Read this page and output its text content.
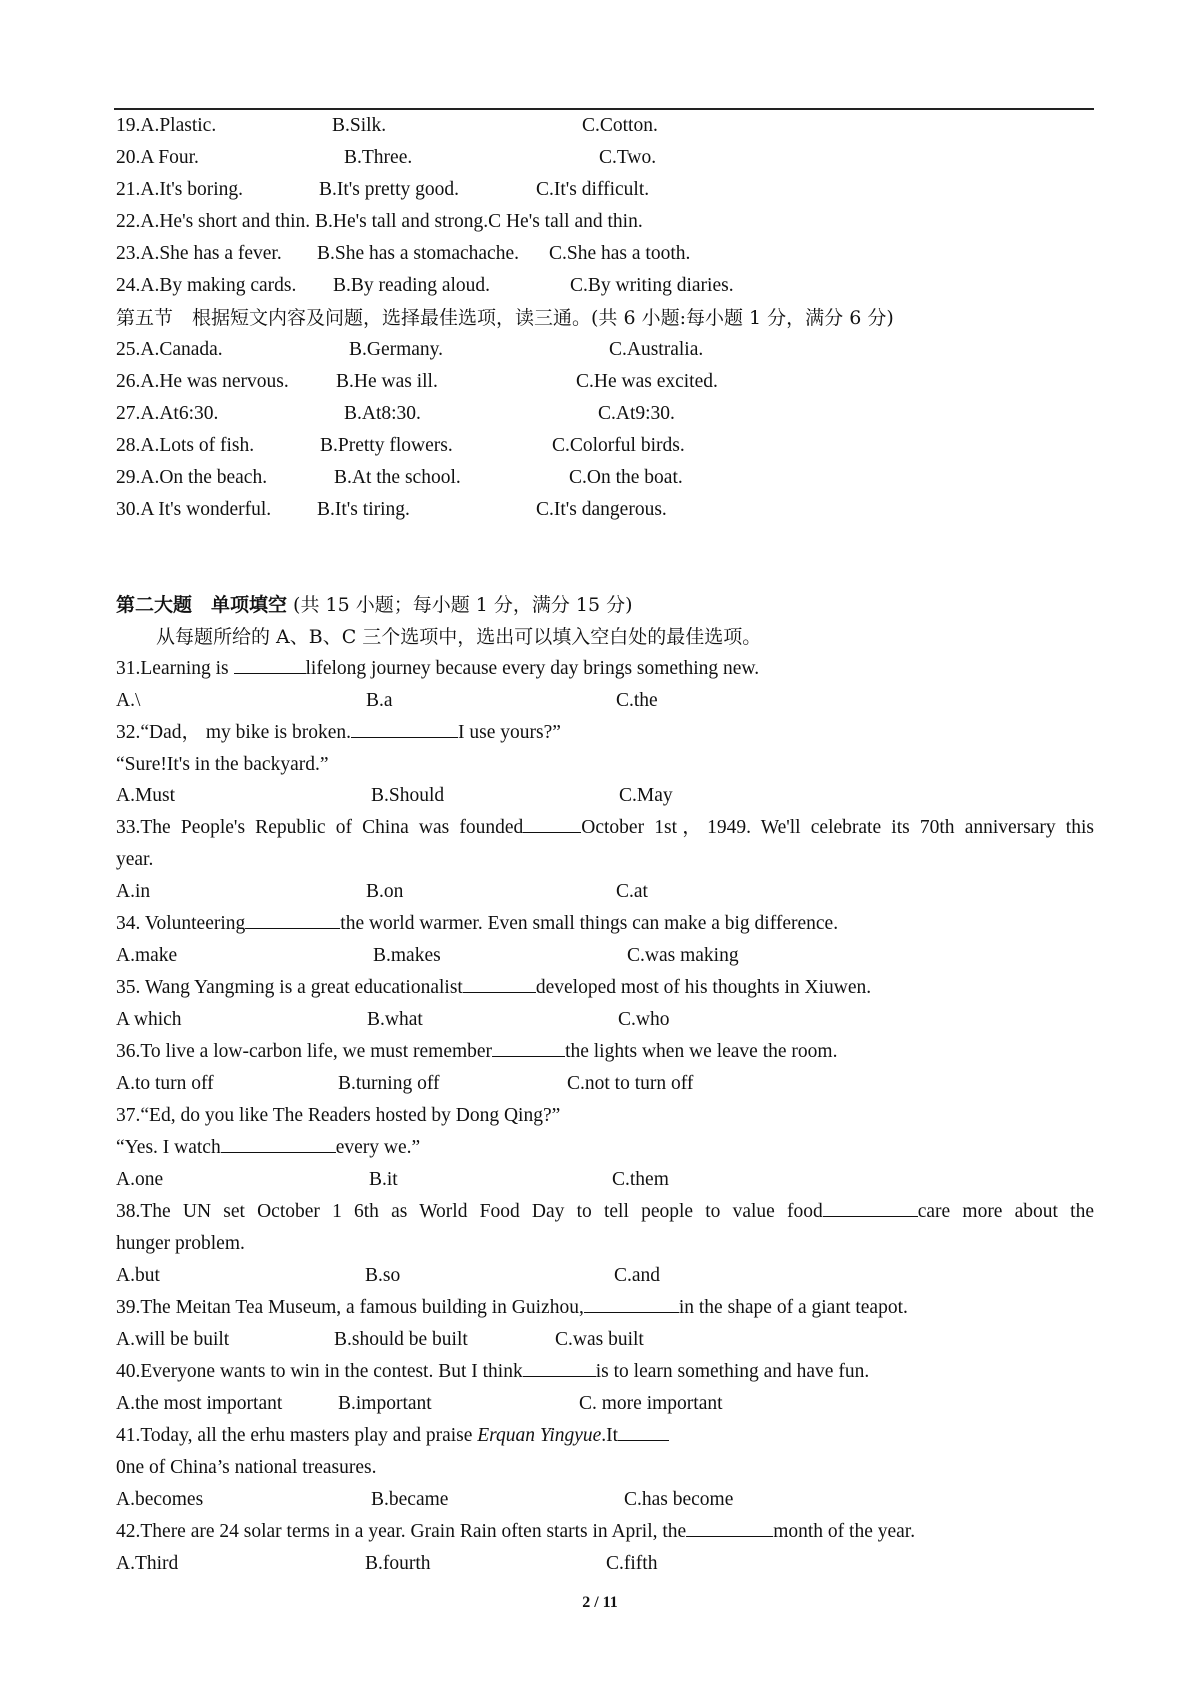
19.A.Plastic.	B.Silk.	C.Cotton.
20.A Four.	B.Three.	C.Two.
21.A.It's boring.	B.It's pretty good.	C.It's difficult.
22.A.He's short and thin. B.He's tall and strong.C He's tall and thin.
23.A.She has a fever. B.She has a stomachache. C.She has a tooth.
24.A.By making cards. B.By reading aloud.	C.By writing diaries.
第五节　根据短文内容及问题，选择最佳选项，读三通。(共 6 小题:每小题 1 分，满分 6 分)
25.A.Canada.	B.Germany.	C.Australia.
26.A.He was nervous. B.He was ill.	C.He was excited.
27.A.At6:30.	B.At8:30.	C.At9:30.
28.A.Lots of fish.	B.Pretty flowers.	C.Colorful birds.
29.A.On the beach.	B.At the school.	C.On the boat.
30.A It's wonderful. B.It's tiring.	C.It's dangerous.
第二大题　单项填空 (共 15 小题；每小题 1 分，满分 15 分)
从每题所给的 A、B、C 三个选项中，选出可以填入空白处的最佳选项。
31.Learning is	lifelong journey because every day brings something new.
A.\	B.a	C.the
32.“Dad， my bike is broken.	I use yours?”
“Sure!It's in the backyard.”
A.Must	B.Should	C.May
33.The People's Republic of China was founded	October 1st，1949. We'll celebrate its 70th anniversary this
year.
A.in	B.on	C.at
34. Volunteering	the world warmer. Even small things can make a big difference.
A.make	B.makes	C.was making
35. Wang Yangming is a great educationalist	developed most of his thoughts in Xiuwen.
A which	B.what	C.who
36.To live a low-carbon life, we must remember	the lights when we leave the room.
A.to turn off	B.turning off	C.not to turn off
37.“Ed, do you like The Readers hosted by Dong Qing?”
“Yes. I watch	every we.”
A.one	B.it	C.them
38.The UN set October 1 6th as World Food Day to tell people to value food	care more about the
hunger problem.
A.but	B.so	C.and
39.The Meitan Tea Museum, a famous building in Guizhou,	in the shape of a giant teapot.
A.will be built	B.should be built	C.was built
40.Everyone wants to win in the contest. But I think	is to learn something and have fun.
A.the most important	B.important	C. more important
41.Today, all the erhu masters play and praise Erquan Yingyue.It
0ne of China’s national treasures.
A.becomes	B.became	C.has become
42.There are 24 solar terms in a year. Grain Rain often starts in April, the	month of the year.
A.Third	B.fourth	C.fifth
2 / 11
